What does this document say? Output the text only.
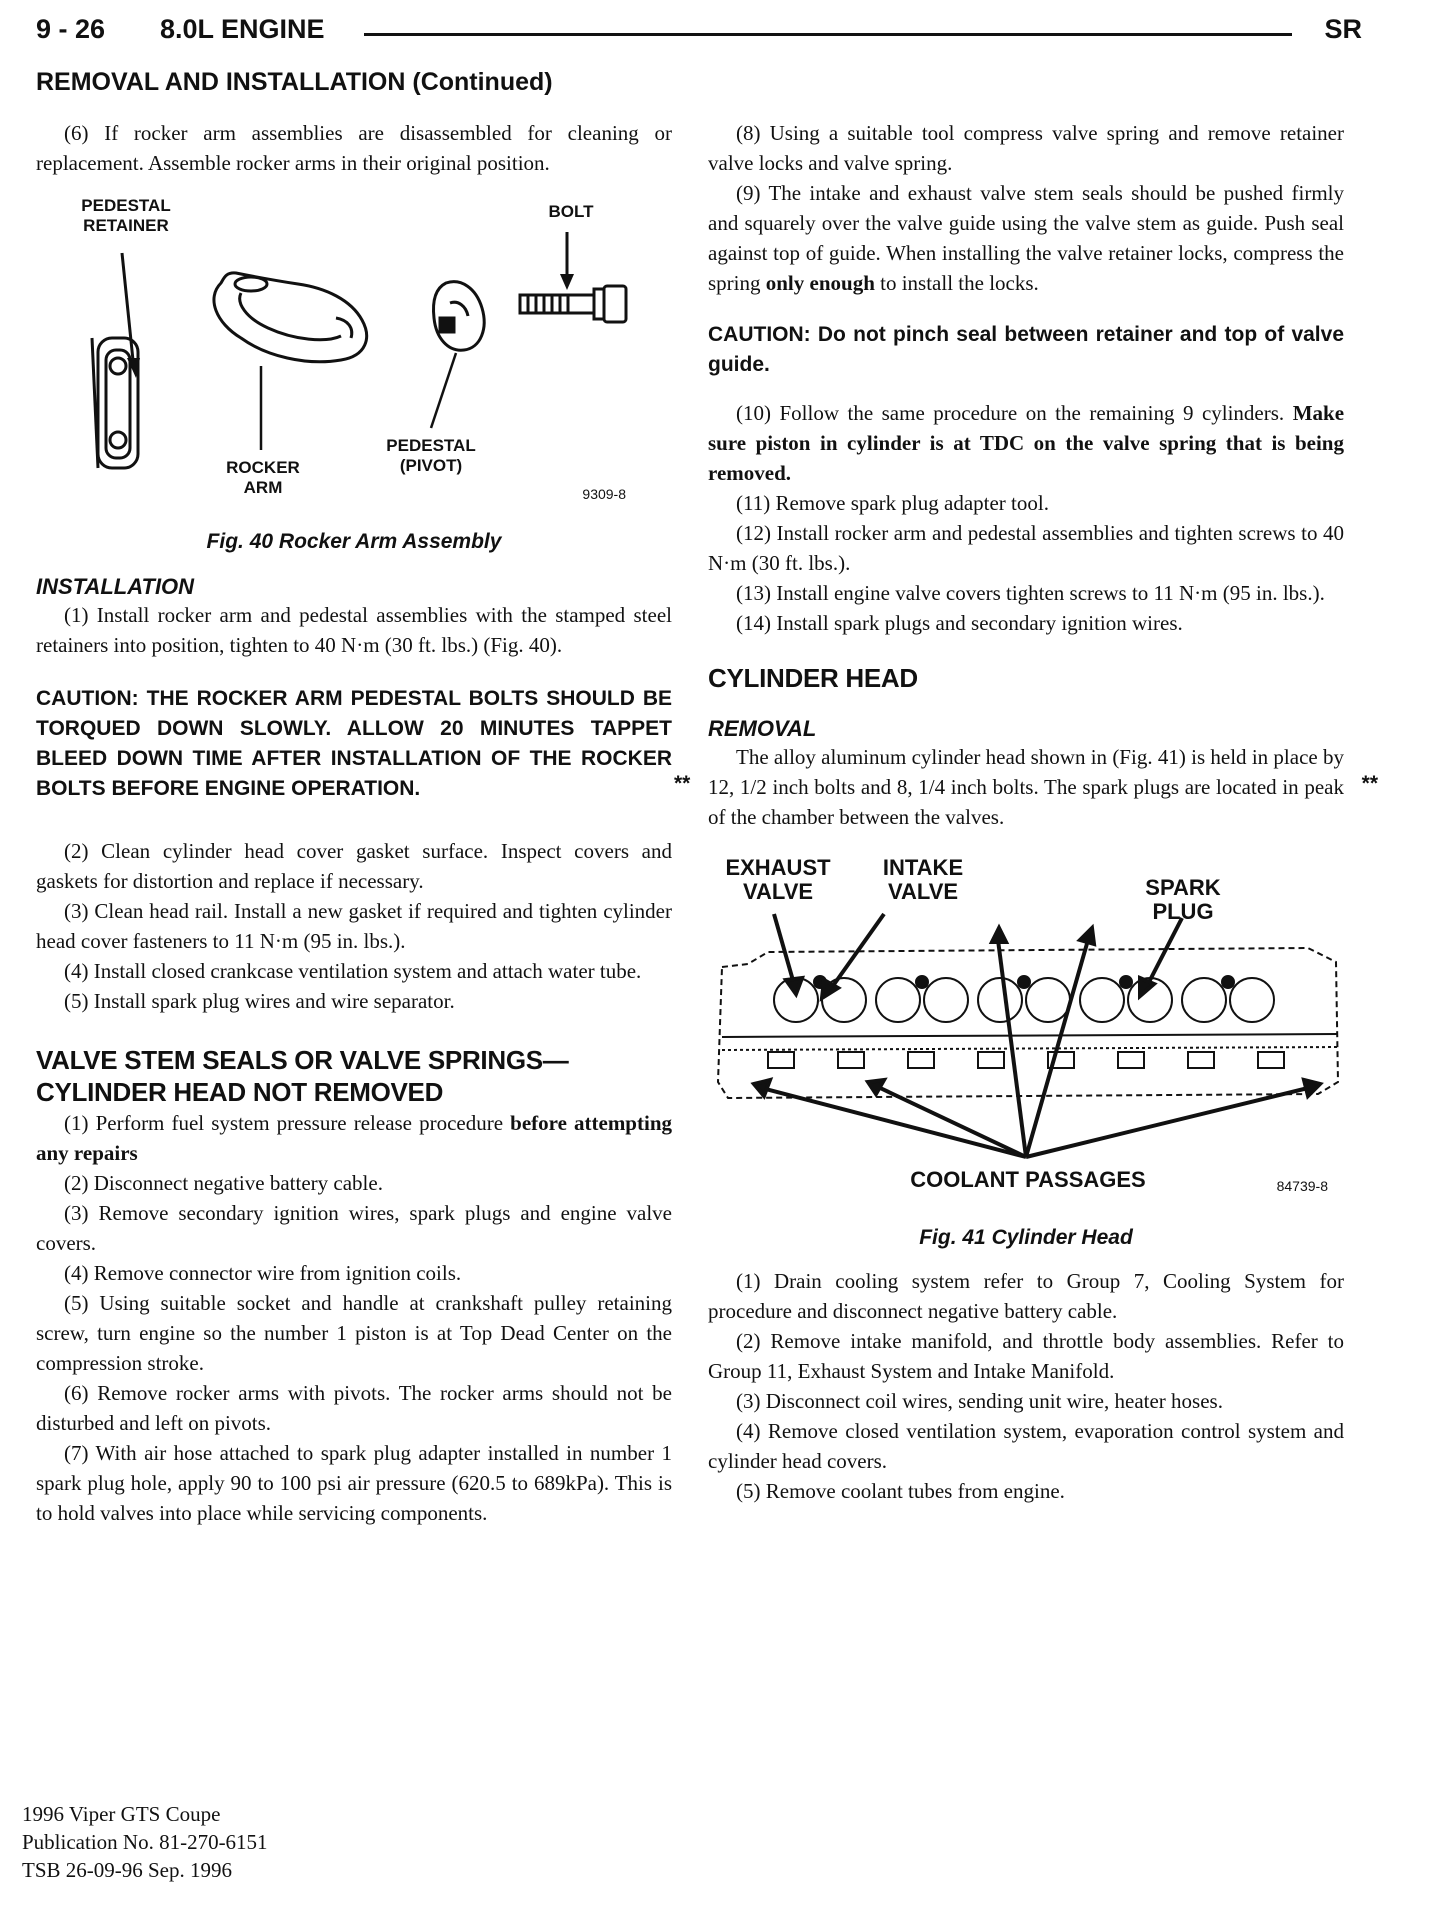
9 - 26 8.0L ENGINE	SR
REMOVAL AND INSTALLATION (Continued)

(6) If rocker arm assemblies are disassembled for cleaning or replacement. Assemble rocker arms in their original position.

PEDESTAL
RETAINER
BOLT
PEDESTAL
(PIVOT)
ROCKER
ARM	9309-8

Fig. 40 Rocker Arm Assembly

INSTALLATION

(1) Install rocker arm and pedestal assemblies with the stamped steel retainers into position, tighten to 40 N·m (30 ft. lbs.) (Fig. 40).

CAUTION: THE ROCKER ARM PEDESTAL BOLTS SHOULD BE TORQUED DOWN SLOWLY. ALLOW 20 MINUTES TAPPET BLEED DOWN TIME AFTER INSTALLATION OF THE ROCKER BOLTS BEFORE ENGINE OPERATION.

(2) Clean cylinder head cover gasket surface. Inspect covers and gaskets for distortion and replace if necessary.

(3) Clean head rail. Install a new gasket if required and tighten cylinder head cover fasteners to 11 N·m (95 in. lbs.).

(4) Install closed crankcase ventilation system and attach water tube.

(5) Install spark plug wires and wire separator.

VALVE STEM SEALS OR VALVE SPRINGS—

CYLINDER HEAD NOT REMOVED

(1) Perform fuel system pressure release procedure before attempting any repairs

(2) Disconnect negative battery cable.

(3) Remove secondary ignition wires, spark plugs and engine valve covers.

(4) Remove connector wire from ignition coils.

(5) Using suitable socket and handle at crankshaft pulley retaining screw, turn engine so the number 1 piston is at Top Dead Center on the compression stroke.

(6) Remove rocker arms with pivots. The rocker arms should not be disturbed and left on pivots.

(7) With air hose attached to spark plug adapter installed in number 1 spark plug hole, apply 90 to 100 psi air pressure (620.5 to 689kPa). This is to hold valves into place while servicing components.

(8) Using a suitable tool compress valve spring and remove retainer valve locks and valve spring.

(9) The intake and exhaust valve stem seals should be pushed firmly and squarely over the valve guide using the valve stem as guide. Push seal against top of guide. When installing the valve retainer locks, compress the spring only enough to install the locks.

CAUTION: Do not pinch seal between retainer and top of valve guide.

(10) Follow the same procedure on the remaining 9 cylinders. Make sure piston in cylinder is at TDC on the valve spring that is being removed.

(11) Remove spark plug adapter tool.

(12) Install rocker arm and pedestal assemblies and tighten screws to 40 N·m (30 ft. lbs.).

(13) Install engine valve covers tighten screws to 11 N·m (95 in. lbs.).

(14) Install spark plugs and secondary ignition wires.

CYLINDER HEAD

REMOVAL

**	**

The alloy aluminum cylinder head shown in (Fig. 41) is held in place by 12, 1/2 inch bolts and 8, 1/4 inch bolts. The spark plugs are located in peak of the chamber between the valves.

EXHAUST
VALVE
INTAKE
VALVE	SPARK
PLUG
COOLANT PASSAGES	84739-8

Fig. 41 Cylinder Head

(1) Drain cooling system refer to Group 7, Cooling System for procedure and disconnect negative battery cable.

(2) Remove intake manifold, and throttle body assemblies. Refer to Group 11, Exhaust System and Intake Manifold.

(3) Disconnect coil wires, sending unit wire, heater hoses.

(4) Remove closed ventilation system, evaporation control system and cylinder head covers.

(5) Remove coolant tubes from engine.

1996 Viper GTS Coupe
Publication No. 81-270-6151
TSB 26-09-96 Sep. 1996
